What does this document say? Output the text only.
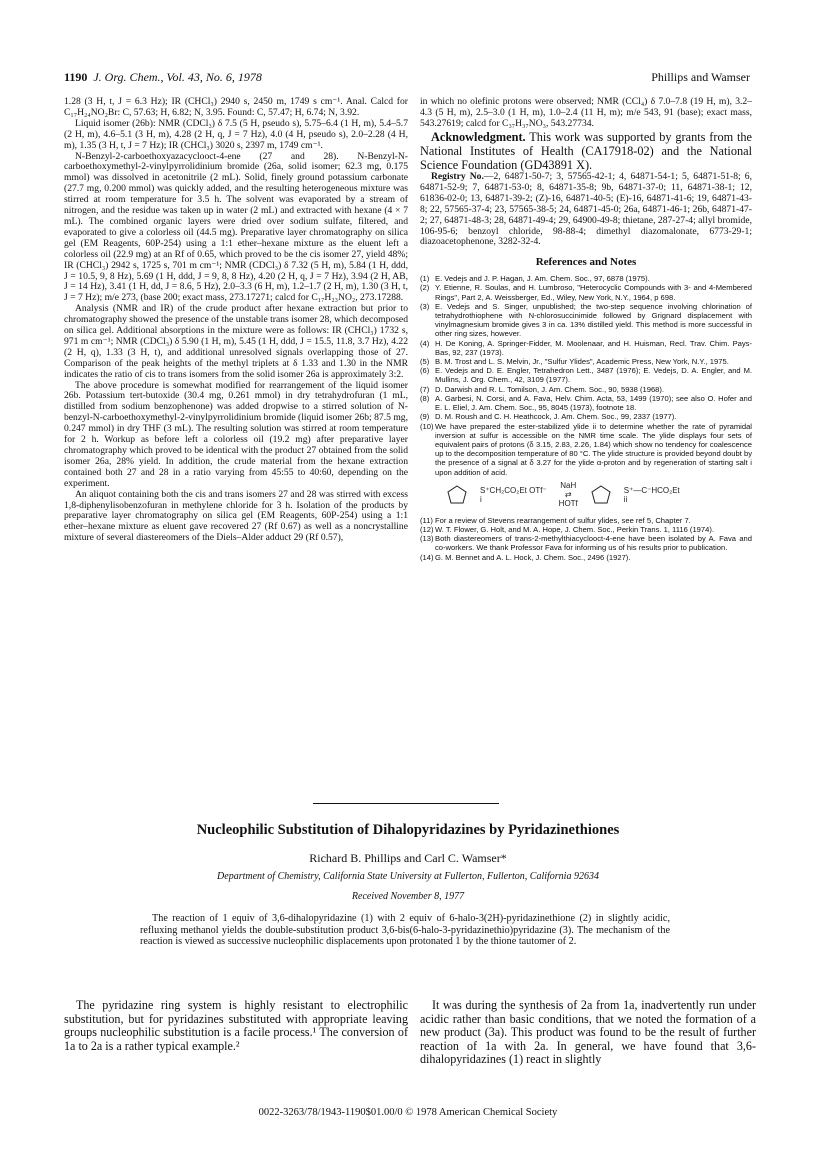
1190 J. Org. Chem., Vol. 43, No. 6, 1978	Phillips and Wamser

1.28 (3 H, t, J = 6.3 Hz); IR (CHCl₃) 2940 s, 2450 m, 1749 s cm⁻¹. Anal. Calcd for C₁₇H₂₄NO₂Br: C, 57.63; H, 6.82; N, 3.95. Found: C, 57.47; H, 6.74; N, 3.92.

Liquid isomer (26b): NMR (CDCl₃) δ 7.5 (5 H, pseudo s), 5.75–6.4 (1 H, m), 5.4–5.7 (2 H, m), 4.6–5.1 (3 H, m), 4.28 (2 H, q, J = 7 Hz), 4.0 (4 H, pseudo s), 2.0–2.28 (4 H, m), 1.35 (3 H, t, J = 7 Hz); IR (CHCl₃) 3020 s, 2397 m, 1749 cm⁻¹.

N-Benzyl-2-carboethoxyazacyclooct-4-ene (27 and 28). N-Benzyl-N-carboethoxymethyl-2-vinylpyrrolidinium bromide (26a, solid isomer; 62.3 mg, 0.175 mmol) was dissolved in acetonitrile (2 mL). Solid, finely ground potassium carbonate (27.7 mg, 0.200 mmol) was quickly added, and the resulting heterogeneous mixture was stirred at room temperature for 3.5 h. The solvent was evaporated by a stream of nitrogen, and the residue was taken up in water (2 mL) and extracted with hexane (4 × 7 mL). The combined organic layers were dried over sodium sulfate, filtered, and evaporated to give a colorless oil (44.5 mg). Preparative layer chromatography on silica gel (EM Reagents, 60P-254) using a 1:1 ether–hexane mixture as the eluent left a colorless oil (22.9 mg) at an Rf of 0.65, which proved to be the cis isomer 27, yield 48%; IR (CHCl₃) 2942 s, 1725 s, 701 m cm⁻¹; NMR (CDCl₃) δ 7.32 (5 H, m), 5.84 (1 H, ddd, J = 10.5, 9, 8 Hz), 5.69 (1 H, ddd, J = 9, 8, 8 Hz), 4.20 (2 H, q, J = 7 Hz), 3.94 (2 H, AB, J = 14 Hz), 3.41 (1 H, dd, J = 8.6, 5 Hz), 2.0–3.3 (6 H, m), 1.2–1.7 (2 H, m), 1.30 (3 H, t, J = 7 Hz); m/e 273, (base 200; exact mass, 273.17271; calcd for C₁₇H₂₃NO₂, 273.17288.

Analysis (NMR and IR) of the crude product after hexane extraction but prior to chromatography showed the presence of the unstable trans isomer 28, which decomposed on silica gel. Additional absorptions in the mixture were as follows: IR (CHCl₃) 1732 s, 971 m cm⁻¹; NMR (CDCl₃) δ 5.90 (1 H, m), 5.45 (1 H, ddd, J = 15.5, 11.8, 3.7 Hz), 4.22 (2 H, q), 1.33 (3 H, t), and additional unresolved signals overlapping those of 27. Comparison of the peak heights of the methyl triplets at δ 1.33 and 1.30 in the NMR indicates the ratio of cis to trans isomers from the solid isomer 26a is approximately 3:2.

The above procedure is somewhat modified for rearrangement of the liquid isomer 26b. Potassium tert-butoxide (30.4 mg, 0.261 mmol) in dry tetrahydrofuran (1 mL, distilled from sodium benzophenone) was added dropwise to a stirred solution of N-benzyl-N-carboethoxymethyl-2-vinylpyrrolidinium bromide (liquid isomer 26b; 87.5 mg, 0.247 mmol) in dry THF (3 mL). The resulting solution was stirred at room temperature for 2 h. Workup as before left a colorless oil (19.2 mg) after preparative layer chromatography which proved to be identical with the product 27 obtained from the solid isomer 26a, 28% yield. In addition, the crude material from the hexane extraction contained both 27 and 28 in a ratio varying from 45:55 to 40:60, depending on the experiment.

An aliquot containing both the cis and trans isomers 27 and 28 was stirred with excess 1,8-diphenylisobenzofuran in methylene chloride for 3 h. Isolation of the products by preparative layer chromatography on silica gel (EM Reagents, 60P-254) using a 1:1 ether–hexane mixture as eluent gave recovered 27 (Rf 0.67) as well as a noncrystalline mixture of several diastereomers of the Diels–Alder adduct 29 (Rf 0.57),

in which no olefinic protons were observed; NMR (CCl₄) δ 7.0–7.8 (19 H, m), 3.2–4.3 (5 H, m), 2.5–3.0 (1 H, m), 1.0–2.4 (11 H, m); m/e 543, 91 (base); exact mass, 543.27619; calcd for C₃₇H₃₇NO₃, 543.27734.

Acknowledgment. This work was supported by grants from the National Institutes of Health (CA17918-02) and the National Science Foundation (GD43891 X).

Registry No.—2, 64871-50-7; 3, 57565-42-1; 4, 64871-54-1; 5, 64871-51-8; 6, 64871-52-9; 7, 64871-53-0; 8, 64871-35-8; 9b, 64871-37-0; 11, 64871-38-1; 12, 61836-02-0; 13, 64871-39-2; (Z)-16, 64871-40-5; (E)-16, 64871-41-6; 19, 64871-43-8; 22, 57565-37-4; 23, 57565-38-5; 24, 64871-45-0; 26a, 64871-46-1; 26b, 64871-47-2; 27, 64871-48-3; 28, 64871-49-4; 29, 64900-49-8; thietane, 287-27-4; allyl bromide, 106-95-6; benzoyl chloride, 98-88-4; dimethyl diazomalonate, 6773-29-1; diazoacetophenone, 3282-32-4.

References and Notes
(1) E. Vedejs and J. P. Hagan, J. Am. Chem. Soc., 97, 6878 (1975).
(2) Y. Etienne, R. Soulas, and H. Lumbroso, "Heterocyclic Compounds with 3- and 4-Membered Rings", Part 2, A. Weissberger, Ed., Wiley, New York, N.Y., 1964, p 698.
(3) E. Vedejs and S. Singer, unpublished; the two-step sequence involving chlorination of tetrahydrothiophene with N-chlorosuccinimide followed by Grignard displacement with vinylmagnesium bromide gives 3 in ca. 13% distilled yield. This method is more successful in other ring sizes, however.
(4) H. De Koning, A. Springer-Fidder, M. Moolenaar, and H. Huisman, Recl. Trav. Chim. Pays-Bas, 92, 237 (1973).
(5) B. M. Trost and L. S. Melvin, Jr., "Sulfur Ylides", Academic Press, New York, N.Y., 1975.
(6) E. Vedejs and D. E. Engler, Tetrahedron Lett., 3487 (1976); E. Vedejs, D. A. Engler, and M. Mullins, J. Org. Chem., 42, 3109 (1977).
(7) D. Darwish and R. L. Tomilson, J. Am. Chem. Soc., 90, 5938 (1968).
(8) A. Garbesi, N. Corsi, and A. Fava, Helv. Chim. Acta, 53, 1499 (1970); see also O. Hofer and E. L. Eliel, J. Am. Chem. Soc., 95, 8045 (1973), footnote 18.
(9) D. M. Roush and C. H. Heathcock, J. Am. Chem. Soc., 99, 2337 (1977).
(10) We have prepared the ester-stabilized ylide ii to determine whether the rate of pyramidal inversion at sulfur is accessible on the NMR time scale. The ylide displays four sets of equivalent pairs of protons (δ 3.15, 2.83, 2.26, 1.84) which show no tendency for coalescence up to the decomposition temperature of 80 °C. The ylide structure is provided beyond doubt by the presence of a signal at δ 3.27 for the ylide α-proton and by regeneration of starting salt i upon addition of acid.
S⁺CH₂CO₂Et OTf⁻
i
NaH
⇄
HOTf
S⁺—C⁻HCO₂Et
ii
(11) For a review of Stevens rearrangement of sulfur ylides, see ref 5, Chapter 7.
(12) W. T. Flower, G. Holt, and M. A. Hope, J. Chem. Soc., Perkin Trans. 1, 1116 (1974).
(13) Both diastereomers of trans-2-methylthiacyclooct-4-ene have been isolated by A. Fava and co-workers. We thank Professor Fava for informing us of his results prior to publication.
(14) G. M. Bennet and A. L. Hock, J. Chem. Soc., 2496 (1927).
Nucleophilic Substitution of Dihalopyridazines by Pyridazinethiones
Richard B. Phillips and Carl C. Wamser*
Department of Chemistry, California State University at Fullerton, Fullerton, California 92634
Received November 8, 1977
The reaction of 1 equiv of 3,6-dihalopyridazine (1) with 2 equiv of 6-halo-3(2H)-pyridazinethione (2) in slightly acidic, refluxing methanol yields the double-substitution product 3,6-bis(6-halo-3-pyridazinethio)pyridazine (3). The mechanism of the reaction is viewed as successive nucleophilic displacements upon protonated 1 by the thione tautomer of 2.
The pyridazine ring system is highly resistant to electrophilic substitution, but for pyridazines substituted with appropriate leaving groups nucleophilic substitution is a facile process.¹ The conversion of 1a to 2a is a rather typical example.²
It was during the synthesis of 2a from 1a, inadvertently run under acidic rather than basic conditions, that we noted the formation of a new product (3a). This product was found to be the result of further reaction of 1a with 2a. In general, we have found that 3,6-dihalopyridazines (1) react in slightly
0022-3263/78/1943-1190$01.00/0 © 1978 American Chemical Society
